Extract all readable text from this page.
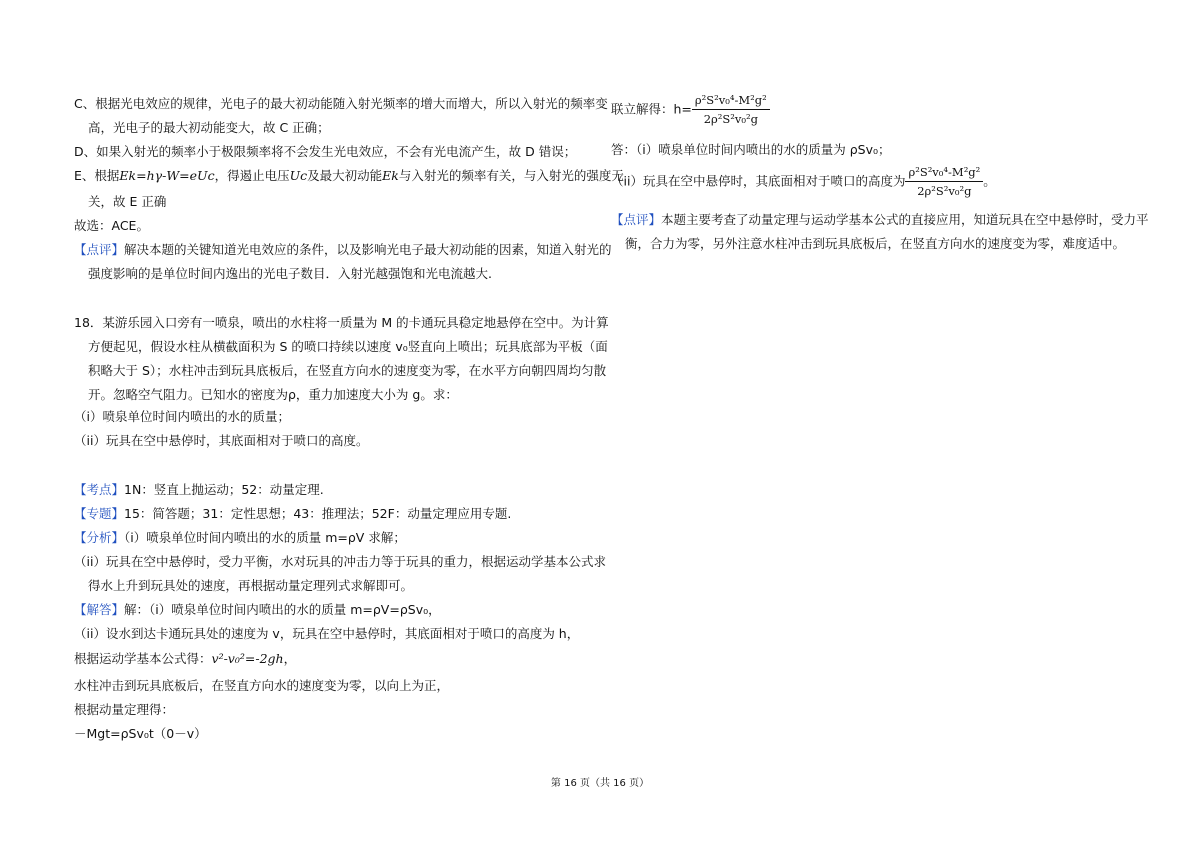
C、根据光电效应的规律，光电子的最大初动能随入射光频率的增大而增大，所以入射光的频率变
高，光电子的最大初动能变大，故 C 正确；
D、如果入射光的频率小于极限频率将不会发生光电效应，不会有光电流产生，故 D 错误；
E、根据Ek=hγ-W=eUc，得遏止电压Uc及最大初动能Ek与入射光的频率有关，与入射光的强度无
关，故 E 正确
故选：ACE。
【点评】解决本题的关键知道光电效应的条件，以及影响光电子最大初动能的因素，知道入射光的
强度影响的是单位时间内逸出的光电子数目．入射光越强饱和光电流越大.
18．某游乐园入口旁有一喷泉，喷出的水柱将一质量为 M 的卡通玩具稳定地悬停在空中。为计算
方便起见，假设水柱从横截面积为 S 的喷口持续以速度 v₀竖直向上喷出；玩具底部为平板（面
积略大于 S）；水柱冲击到玩具底板后，在竖直方向水的速度变为零，在水平方向朝四周均匀散
开。忽略空气阻力。已知水的密度为ρ，重力加速度大小为 g。求：
（i）喷泉单位时间内喷出的水的质量；
（ii）玩具在空中悬停时，其底面相对于喷口的高度。
【考点】1N：竖直上抛运动；52：动量定理.
【专题】15：简答题；31：定性思想；43：推理法；52F：动量定理应用专题.
【分析】（i）喷泉单位时间内喷出的水的质量 m=ρV 求解；
（ii）玩具在空中悬停时，受力平衡，水对玩具的冲击力等于玩具的重力，根据运动学基本公式求
得水上升到玩具处的速度，再根据动量定理列式求解即可。
【解答】解：（i）喷泉单位时间内喷出的水的质量 m=ρV=ρSv₀，
（ii）设水到达卡通玩具处的速度为 v，玩具在空中悬停时，其底面相对于喷口的高度为 h，
根据运动学基本公式得：v²-v₀²=-2gh，
水柱冲击到玩具底板后，在竖直方向水的速度变为零，以向上为正，
根据动量定理得：
－Mgt=ρSv₀t（0－v）
联立解得：$h= \frac{\text{ρ²S²v₀⁴-M²g²}}{\text{2ρ²S²v₀²g}}$
答：（i）喷泉单位时间内喷出的水的质量为 ρSv₀；
（ii）玩具在空中悬停时，其底面相对于喷口的高度为 $\frac{\text{ρ²S²v₀⁴-M²g²}}{\text{2ρ²S²v₀²g}}$ 。
【点评】本题主要考查了动量定理与运动学基本公式的直接应用，知道玩具在空中悬停时，受力平
衡，合力为零，另外注意水柱冲击到玩具底板后，在竖直方向水的速度变为零，难度适中。
第 16 页（共 16 页）
